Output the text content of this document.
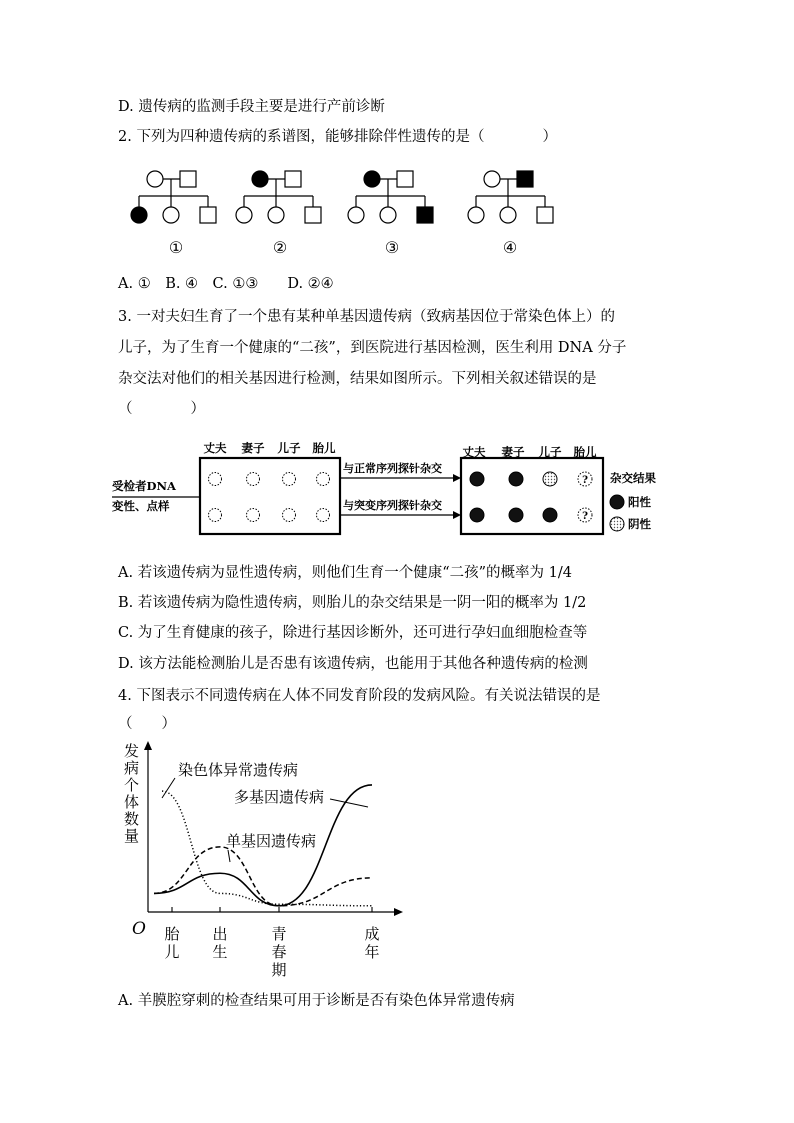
D. 遗传病的监测手段主要是进行产前诊断
2. 下列为四种遗传病的系谱图，能够排除伴性遗传的是（　　　　）
①	②	③	④
A. ①　B. ④　C. ①③　　D. ②④
3. 一对夫妇生育了一个患有某种单基因遗传病（致病基因位于常染色体上）的
儿子，为了生育一个健康的“二孩”，到医院进行基因检测，医生利用 DNA 分子
杂交法对他们的相关基因进行检测，结果如图所示。下列相关叙述错误的是
（　　　　）
受检者DNA
变性、点样
丈夫 妻子 儿子 胎儿
与正常序列探针杂交
与突变序列探针杂交
丈夫 妻子 儿子 胎儿
?
?
杂交结果
阳性
阴性
A. 若该遗传病为显性遗传病，则他们生育一个健康“二孩”的概率为 1/4
B. 若该遗传病为隐性遗传病，则胎儿的杂交结果是一阴一阳的概率为 1/2
C. 为了生育健康的孩子，除进行基因诊断外，还可进行孕妇血细胞检查等
D. 该方法能检测胎儿是否患有该遗传病，也能用于其他各种遗传病的检测
4. 下图表示不同遗传病在人体不同发育阶段的发病风险。有关说法错误的是
（　　）
发
病
个
体
数
量
O 胎
儿
出
生
青
春
期
成
年
染色体异常遗传病
单基因遗传病
多基因遗传病
A. 羊膜腔穿刺的检查结果可用于诊断是否有染色体异常遗传病
